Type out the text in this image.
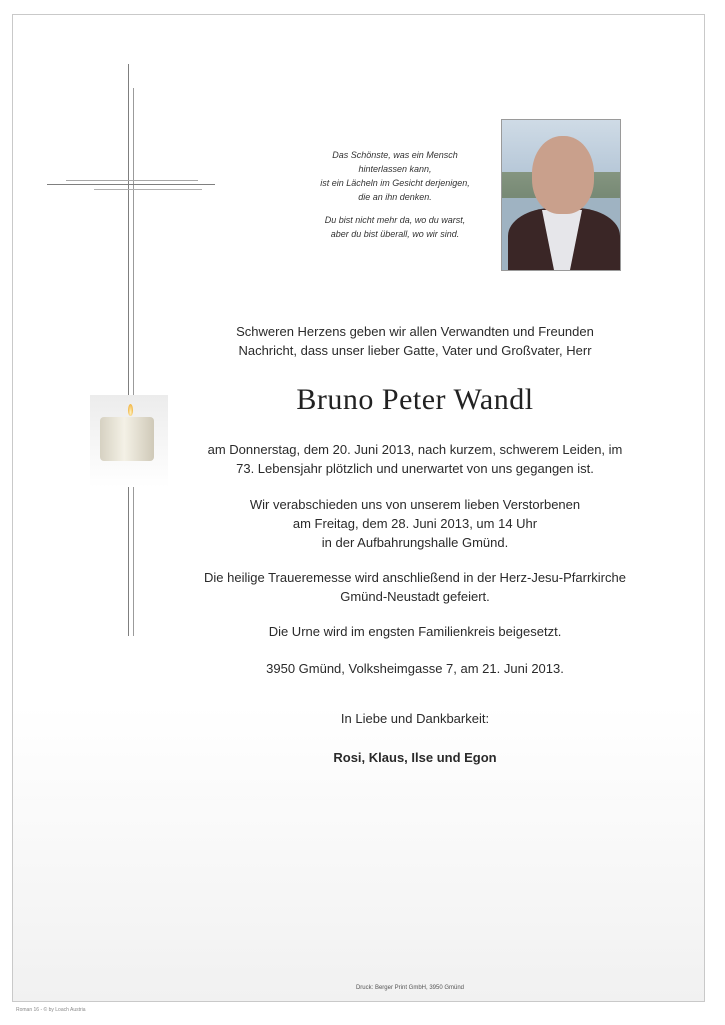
Das Schönste, was ein Mensch
hinterlassen kann,
ist ein Lächeln im Gesicht derjenigen,
die an ihn denken.

Du bist nicht mehr da, wo du warst,
aber du bist überall, wo wir sind.

Schweren Herzens geben wir allen Verwandten und Freunden
Nachricht, dass unser lieber Gatte, Vater und Großvater, Herr
Bruno Peter Wandl
am Donnerstag, dem 20. Juni 2013, nach kurzem, schwerem Leiden, im
73. Lebensjahr plötzlich und unerwartet von uns gegangen ist.
Wir verabschieden uns von unserem lieben Verstorbenen
am Freitag, dem 28. Juni 2013, um 14 Uhr
in der Aufbahrungshalle Gmünd.
Die heilige Traueremesse wird anschließend in der Herz-Jesu-Pfarrkirche
Gmünd-Neustadt gefeiert.
Die Urne wird im engsten Familienkreis beigesetzt.
3950 Gmünd, Volksheimgasse 7, am 21. Juni 2013.
In Liebe und Dankbarkeit:
Rosi, Klaus, Ilse und Egon
Druck: Berger Print GmbH, 3950 Gmünd
Roman 16 - © by Loach Austria
